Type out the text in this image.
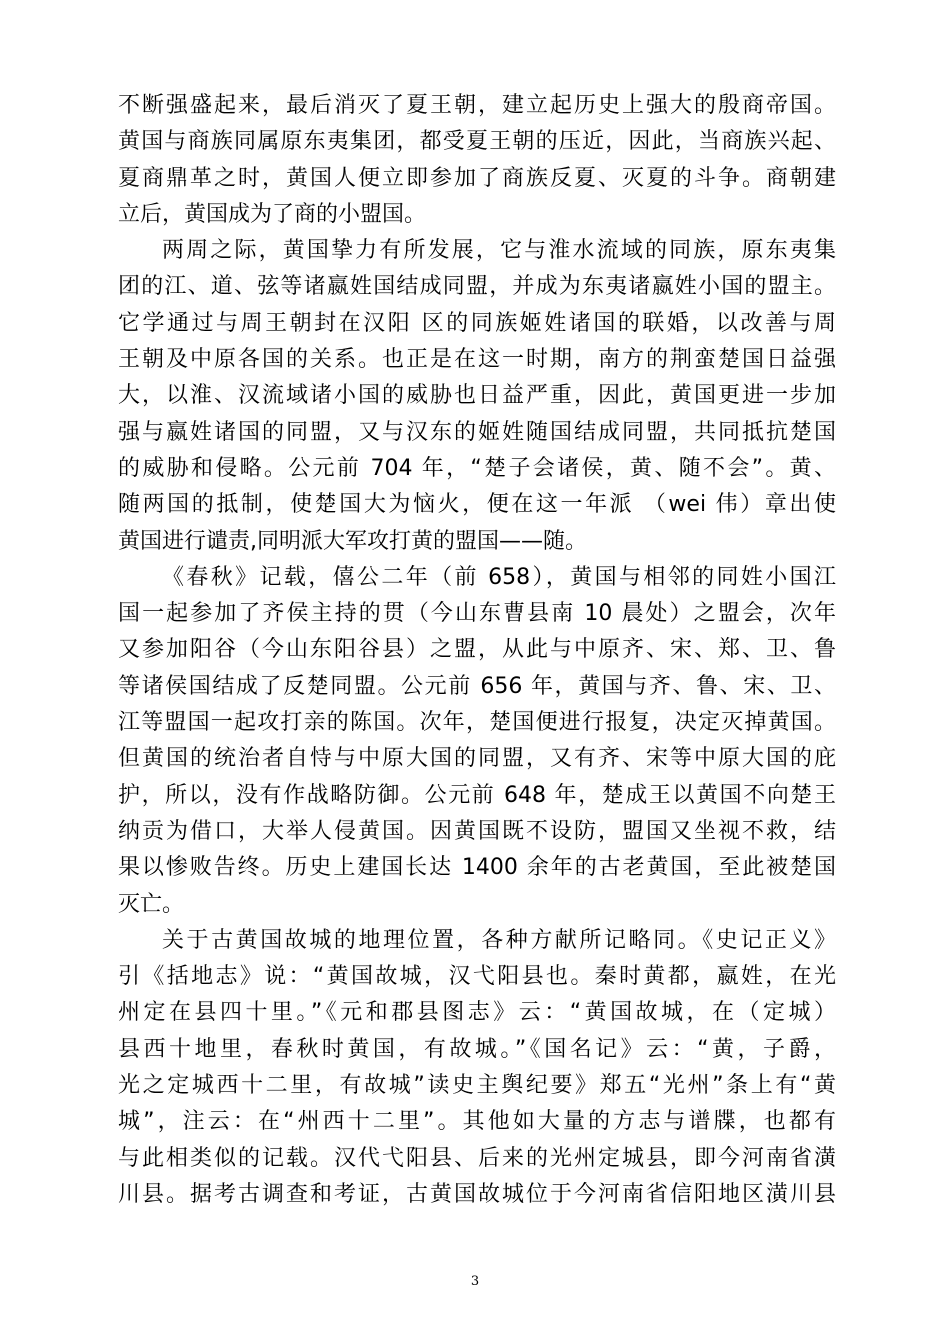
不断强盛起来，最后消灭了夏王朝，建立起历史上强大的殷商帝国。
黄国与商族同属原东夷集团，都受夏王朝的压近，因此，当商族兴起、
夏商鼎革之时，黄国人便立即参加了商族反夏、灭夏的斗争。商朝建
立后，黄国成为了商的小盟国。
两周之际，黄国挚力有所发展，它与淮水流域的同族，原东夷集
团的江、道、弦等诸嬴姓国结成同盟，并成为东夷诸嬴姓小国的盟主。
它学通过与周王朝封在汉阳 区的同族姬姓诸国的联婚，以改善与周
王朝及中原各国的关系。也正是在这一时期，南方的荆蛮楚国日益强
大，以淮、汉流域诸小国的威胁也日益严重，因此，黄国更进一步加
强与嬴姓诸国的同盟，又与汉东的姬姓随国结成同盟，共同抵抗楚国
的威胁和侵略。公元前 704 年，“楚子会诸侯，黄、随不会”。黄、
随两国的抵制，使楚国大为恼火，便在这一年派 （wei 伟）章出使
黄国进行谴责,同明派大军攻打黄的盟国——随。
《春秋》记载，僖公二年（前 658），黄国与相邻的同姓小国江
国一起参加了齐侯主持的贯（今山东曹县南 10 晨处）之盟会，次年
又参加阳谷（今山东阳谷县）之盟，从此与中原齐、宋、郑、卫、鲁
等诸侯国结成了反楚同盟。公元前 656 年，黄国与齐、鲁、宋、卫、
江等盟国一起攻打亲的陈国。次年，楚国便进行报复，决定灭掉黄国。
但黄国的统治者自恃与中原大国的同盟，又有齐、宋等中原大国的庇
护，所以，没有作战略防御。公元前 648 年，楚成王以黄国不向楚王
纳贡为借口，大举人侵黄国。因黄国既不设防，盟国又坐视不救，结
果以惨败告终。历史上建国长达 1400 余年的古老黄国，至此被楚国
灭亡。
关于古黄国故城的地理位置，各种方献所记略同。《史记正义》
引《括地志》说：“黄国故城，汉弋阳县也。秦时黄都，嬴姓，在光
州定在县四十里。”《元和郡县图志》云：“黄国故城，在（定城）
县西十地里，春秋时黄国，有故城。”《国名记》云：“黄，子爵，
光之定城西十二里，有故城”读史主舆纪要》郑五“光州”条上有“黄
城”，注云：在“州西十二里”。其他如大量的方志与谱牒，也都有
与此相类似的记载。汉代弋阳县、后来的光州定城县，即今河南省潢
川县。据考古调查和考证，古黄国故城位于今河南省信阳地区潢川县
3
